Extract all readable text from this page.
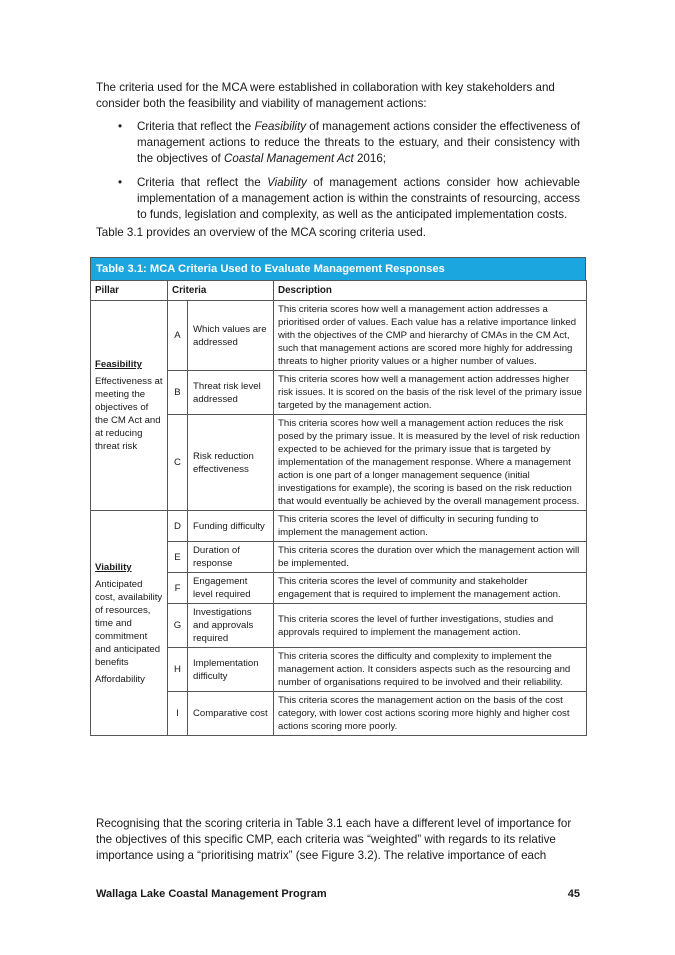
The criteria used for the MCA were established in collaboration with key stakeholders and consider both the feasibility and viability of management actions:

• Criteria that reflect the Feasibility of management actions consider the effectiveness of management actions to reduce the threats to the estuary, and their consistency with the objectives of Coastal Management Act 2016;
• Criteria that reflect the Viability of management actions consider how achievable implementation of a management action is within the constraints of resourcing, access to funds, legislation and complexity, as well as the anticipated implementation costs.

Table 3.1 provides an overview of the MCA scoring criteria used.

Table 3.1: MCA Criteria Used to Evaluate Management Responses
Pillar	Criteria		Description

Feasibility
Effectiveness at meeting the objectives of the CM Act and at reducing threat risk	A	Which values are addressed	This criteria scores how well a management action addresses a prioritised order of values. Each value has a relative importance linked with the objectives of the CMP and hierarchy of CMAs in the CM Act, such that management actions are scored more highly for addressing threats to higher priority values or a higher number of values.
	B	Threat risk level addressed	This criteria scores how well a management action addresses higher risk issues. It is scored on the basis of the risk level of the primary issue targeted by the management action.
	C	Risk reduction effectiveness	This criteria scores how well a management action reduces the risk posed by the primary issue. It is measured by the level of risk reduction expected to be achieved for the primary issue that is targeted by implementation of the management response. Where a management action is one part of a longer management sequence (initial investigations for example), the scoring is based on the risk reduction that would eventually be achieved by the overall management process.

Viability
Anticipated cost, availability of resources, time and commitment and anticipated benefits
Affordability	D	Funding difficulty	This criteria scores the level of difficulty in securing funding to implement the management action.
	E	Duration of response	This criteria scores the duration over which the management action will be implemented.
	F	Engagement level required	This criteria scores the level of community and stakeholder engagement that is required to implement the management action.
	G	Investigations and approvals required	This criteria scores the level of further investigations, studies and approvals required to implement the management action.
	H	Implementation difficulty	This criteria scores the difficulty and complexity to implement the management action. It considers aspects such as the resourcing and number of organisations required to be involved and their reliability.
	I	Comparative cost	This criteria scores the management action on the basis of the cost category, with lower cost actions scoring more highly and higher cost actions scoring more poorly.

Recognising that the scoring criteria in Table 3.1 each have a different level of importance for the objectives of this specific CMP, each criteria was “weighted” with regards to its relative importance using a “prioritising matrix” (see Figure 3.2). The relative importance of each

Wallaga Lake Coastal Management Program	45
